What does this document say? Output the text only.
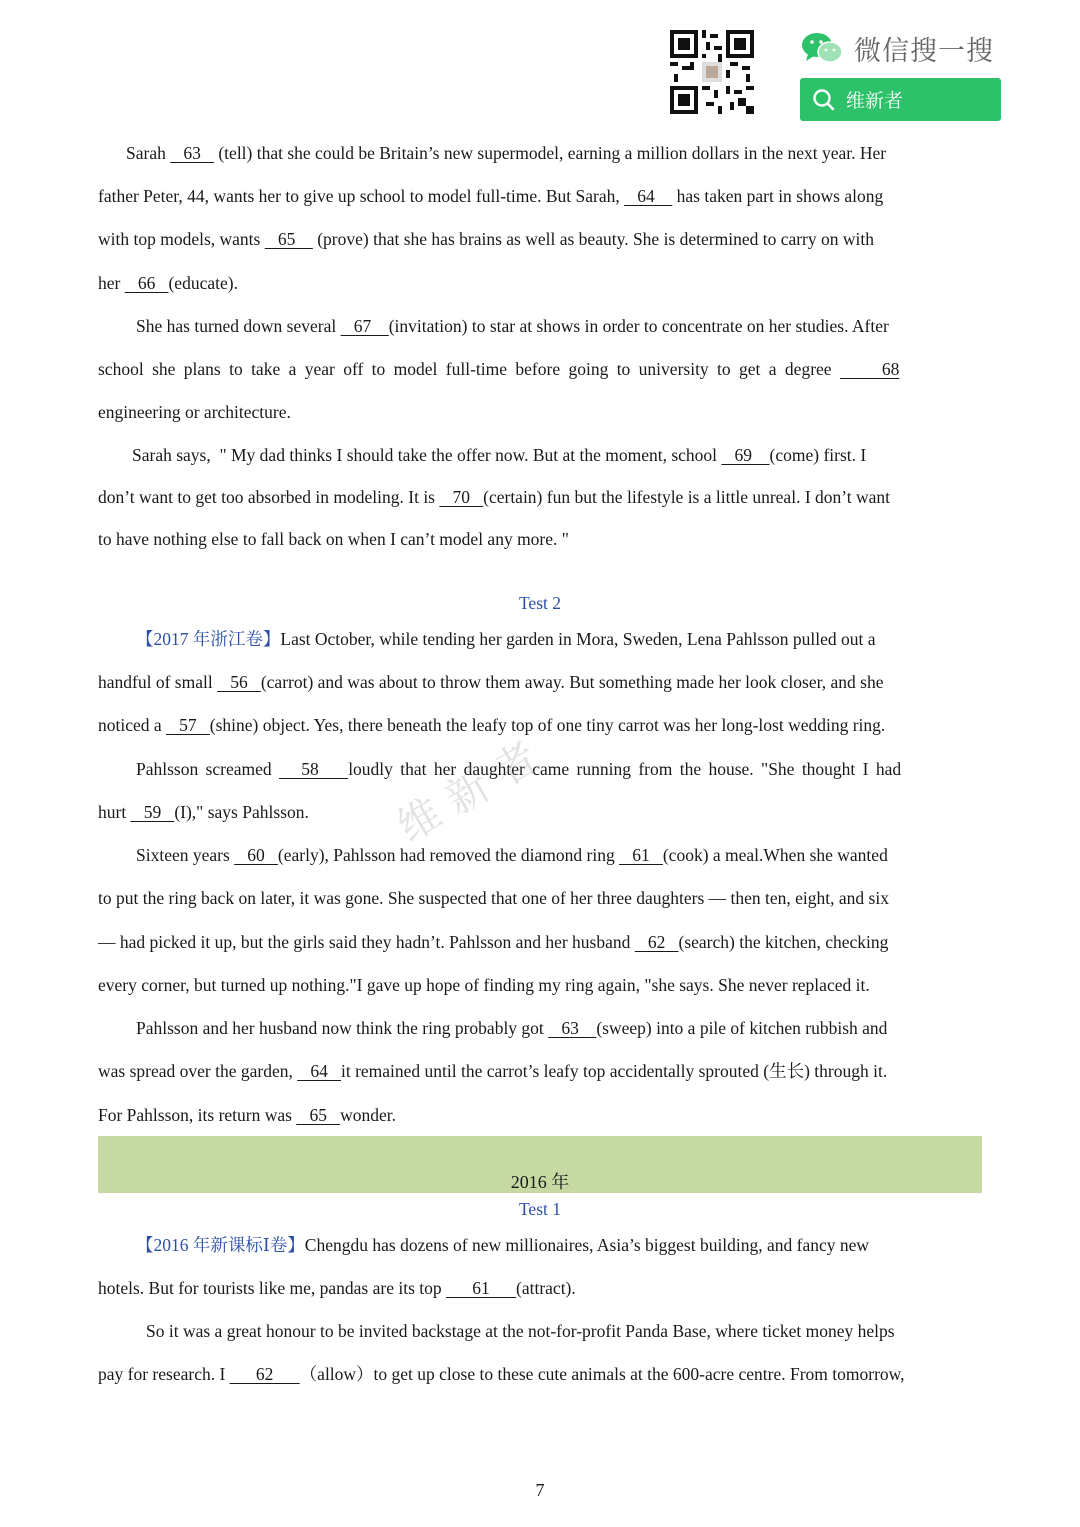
微信搜一搜
维新者
Sarah    63    (tell) that she could be Britain’s new supermodel, earning a million dollars in the next year. Her
father Peter, 44, wants her to give up school to model full-time. But Sarah,    64     has taken part in shows along
with top models, wants    65     (prove) that she has brains as well as beauty. She is determined to carry on with
her    66   (educate).
She has turned down several    67    (invitation) to star at shows in order to concentrate on her studies. After
school she plans to take a year off to model full-time before going to university to get a degree      68
engineering or architecture.
Sarah says,  " My dad thinks I should take the offer now. But at the moment, school    69    (come) first. I
don’t want to get too absorbed in modeling. It is    70   (certain) fun but the lifestyle is a little unreal. I don’t want
to have nothing else to fall back on when I can’t model any more. "
Test 2
【2017 年浙江卷】Last October, while tending her garden in Mora, Sweden, Lena Pahlsson pulled out a
handful of small    56   (carrot) and was about to throw them away. But something made her look closer, and she
noticed a    57   (shine) object. Yes, there beneath the leafy top of one tiny carrot was her long-lost wedding ring.
Pahlsson screamed    58    loudly that her daughter came running from the house. "She thought I had
hurt    59   (I)," says Pahlsson.
Sixteen years    60   (early), Pahlsson had removed the diamond ring    61   (cook) a meal.When she wanted
to put the ring back on later, it was gone. She suspected that one of her three daughters — then ten, eight, and six
— had picked it up, but the girls said they hadn’t. Pahlsson and her husband    62   (search) the kitchen, checking
every corner, but turned up nothing."I gave up hope of finding my ring again, "she says. She never replaced it.
Pahlsson and her husband now think the ring probably got    63    (sweep) into a pile of kitchen rubbish and
was spread over the garden,    64   it remained until the carrot’s leafy top accidentally sprouted (生长) through it.
For Pahlsson, its return was    65   wonder.
2016 年
Test 1
【2016 年新课标Ⅰ卷】Chengdu has dozens of new millionaires, Asia’s biggest building, and fancy new
hotels. But for tourists like me, pandas are its top       61      (attract).
So it was a great honour to be invited backstage at the not-for-profit Panda Base, where ticket money helps
pay for research. I       62      （allow）to get up close to these cute animals at the 600-acre centre. From tomorrow,
维 新 者
7
